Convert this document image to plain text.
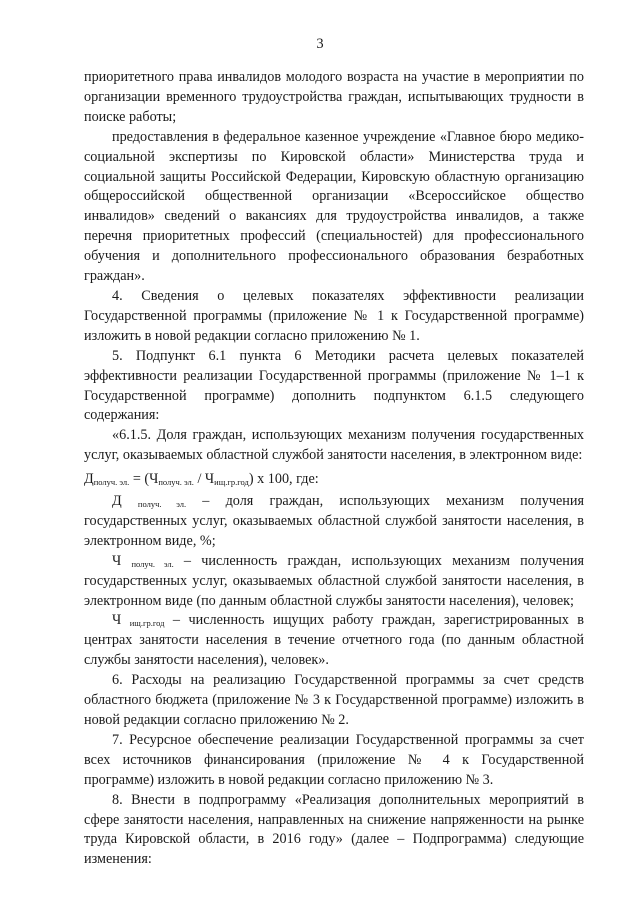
3

приоритетного права инвалидов молодого возраста на участие в мероприятии по организации временного трудоустройства граждан, испытывающих трудности в поиске работы;

предоставления в федеральное казенное учреждение «Главное бюро медико-социальной экспертизы по Кировской области» Министерства труда и социальной защиты Российской Федерации, Кировскую областную организацию общероссийской общественной организации «Всероссийское общество инвалидов» сведений о вакансиях для трудоустройства инвалидов, а также перечня приоритетных профессий (специальностей) для профессионального обучения и дополнительного профессионального образования безработных граждан».

4. Сведения о целевых показателях эффективности реализации Государственной программы (приложение № 1 к Государственной программе) изложить в новой редакции согласно приложению № 1.

5. Подпункт 6.1 пункта 6 Методики расчета целевых показателей эффективности реализации Государственной программы (приложение № 1–1 к Государственной программе) дополнить подпунктом 6.1.5 следующего содержания:

«6.1.5. Доля граждан, использующих механизм получения государственных услуг, оказываемых областной службой занятости населения, в электронном виде:

$Д_{получ. эл.} = (Ч_{получ. эл.} / Ч_{ищ.гр.год})$ х 100, где:

Д $_{получ. эл.}$ – доля граждан, использующих механизм получения государственных услуг, оказываемых областной службой занятости населения, в электронном виде, %;

Ч $_{получ. эл.}$ – численность граждан, использующих механизм получения государственных услуг, оказываемых областной службой занятости населения, в электронном виде (по данным областной службы занятости населения), человек;

Ч $_{ищ.гр.год}$ – численность ищущих работу граждан, зарегистрированных в центрах занятости населения в течение отчетного года (по данным областной службы занятости населения), человек».

6. Расходы на реализацию Государственной программы за счет средств областного бюджета (приложение № 3 к Государственной программе) изложить в новой редакции согласно приложению № 2.

7. Ресурсное обеспечение реализации Государственной программы за счет всех источников финансирования (приложение № 4 к Государственной программе) изложить в новой редакции согласно приложению № 3.

8. Внести в подпрограмму «Реализация дополнительных мероприятий в сфере занятости населения, направленных на снижение напряженности на рынке труда Кировской области, в 2016 году» (далее – Подпрограмма) следующие изменения:
